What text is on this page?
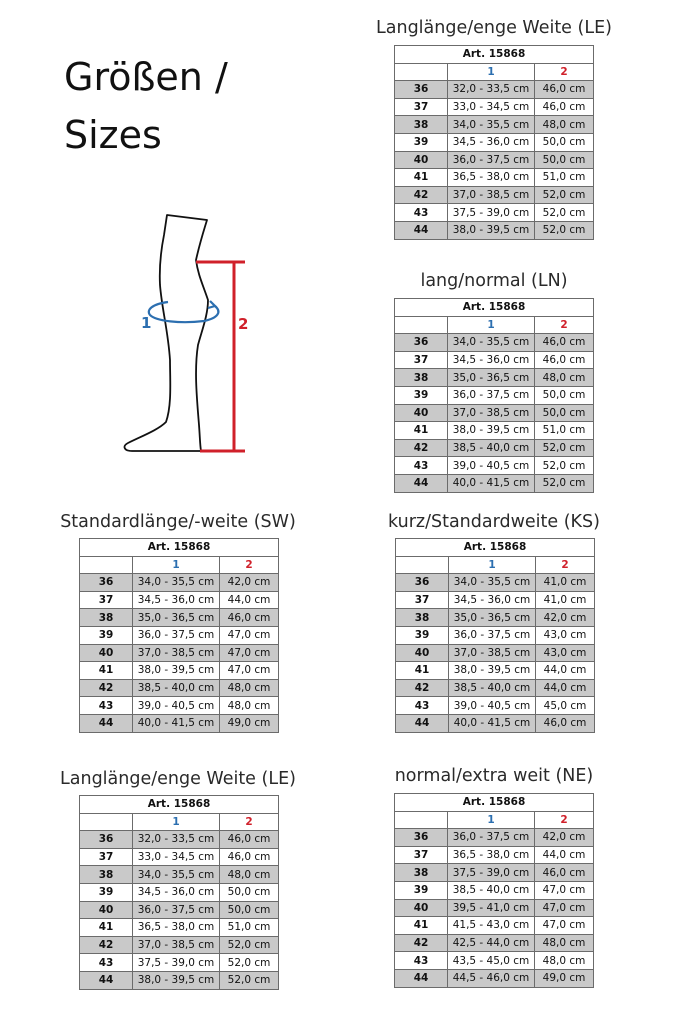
Größen /
Sizes
1	2
Langlänge/enge Weite (LE)
Art. 15868		
	1	2
36	32,0 - 33,5 cm	46,0 cm
37	33,0 - 34,5 cm	46,0 cm
38	34,0 - 35,5 cm	48,0 cm
39	34,5 - 36,0 cm	50,0 cm
40	36,0 - 37,5 cm	50,0 cm
41	36,5 - 38,0 cm	51,0 cm
42	37,0 - 38,5 cm	52,0 cm
43	37,5 - 39,0 cm	52,0 cm
44	38,0 - 39,5 cm	52,0 cm
lang/normal (LN)
Art. 15868		
	1	2
36	34,0 - 35,5 cm	46,0 cm
37	34,5 - 36,0 cm	46,0 cm
38	35,0 - 36,5 cm	48,0 cm
39	36,0 - 37,5 cm	50,0 cm
40	37,0 - 38,5 cm	50,0 cm
41	38,0 - 39,5 cm	51,0 cm
42	38,5 - 40,0 cm	52,0 cm
43	39,0 - 40,5 cm	52,0 cm
44	40,0 - 41,5 cm	52,0 cm
Standardlänge/-weite (SW)
Art. 15868		
	1	2
36	34,0 - 35,5 cm	42,0 cm
37	34,5 - 36,0 cm	44,0 cm
38	35,0 - 36,5 cm	46,0 cm
39	36,0 - 37,5 cm	47,0 cm
40	37,0 - 38,5 cm	47,0 cm
41	38,0 - 39,5 cm	47,0 cm
42	38,5 - 40,0 cm	48,0 cm
43	39,0 - 40,5 cm	48,0 cm
44	40,0 - 41,5 cm	49,0 cm
kurz/Standardweite (KS)
Art. 15868		
	1	2
36	34,0 - 35,5 cm	41,0 cm
37	34,5 - 36,0 cm	41,0 cm
38	35,0 - 36,5 cm	42,0 cm
39	36,0 - 37,5 cm	43,0 cm
40	37,0 - 38,5 cm	43,0 cm
41	38,0 - 39,5 cm	44,0 cm
42	38,5 - 40,0 cm	44,0 cm
43	39,0 - 40,5 cm	45,0 cm
44	40,0 - 41,5 cm	46,0 cm
Langlänge/enge Weite (LE)
Art. 15868		
	1	2
36	32,0 - 33,5 cm	46,0 cm
37	33,0 - 34,5 cm	46,0 cm
38	34,0 - 35,5 cm	48,0 cm
39	34,5 - 36,0 cm	50,0 cm
40	36,0 - 37,5 cm	50,0 cm
41	36,5 - 38,0 cm	51,0 cm
42	37,0 - 38,5 cm	52,0 cm
43	37,5 - 39,0 cm	52,0 cm
44	38,0 - 39,5 cm	52,0 cm
normal/extra weit (NE)
Art. 15868		
	1	2
36	36,0 - 37,5 cm	42,0 cm
37	36,5 - 38,0 cm	44,0 cm
38	37,5 - 39,0 cm	46,0 cm
39	38,5 - 40,0 cm	47,0 cm
40	39,5 - 41,0 cm	47,0 cm
41	41,5 - 43,0 cm	47,0 cm
42	42,5 - 44,0 cm	48,0 cm
43	43,5 - 45,0 cm	48,0 cm
44	44,5 - 46,0 cm	49,0 cm
